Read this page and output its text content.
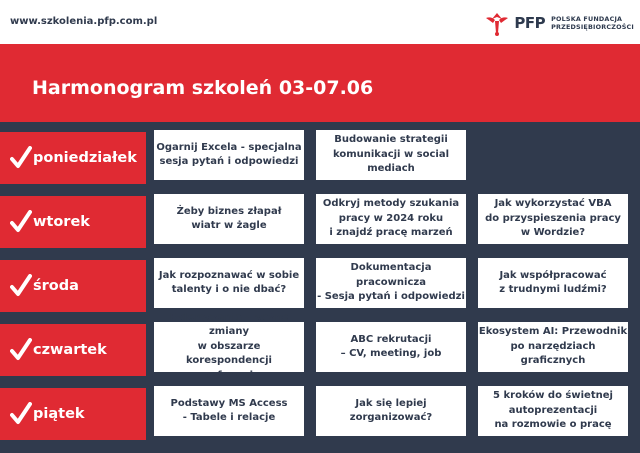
www.szkolenia.pfp.com.pl	PFP POLSKA FUNDACJA
PRZEDSIĘBIORCZOŚCI
Harmonogram szkoleń 03-07.06
poniedziałek
Ogarnij Excela - specjalna
sesja pytań i odpowiedzi
Budowanie strategii
komunikacji w social
mediach
wtorek
Żeby biznes złapał
wiatr w żagle
Odkryj metody szukania
pracy w 2024 roku
i znajdź pracę marzeń
Jak wykorzystać VBA
do przyspieszenia pracy
w Wordzie?
środa
Jak rozpoznawać w sobie
talenty i o nie dbać?
Dokumentacja pracownicza
- Sesja pytań i odpowiedzi
Jak współpracować
z trudnymi ludźmi?
czwartek
E-doręczenia - ważne zmiany
w obszarze korespondencji
cyfrowej
ABC rekrutacji
– CV, meeting, job
Ekosystem AI: Przewodnik
po narzędziach graficznych
piątek
Podstawy MS Access
- Tabele i relacje
Jak się lepiej
zorganizować?
5 kroków do świetnej
autoprezentacji
na rozmowie o pracę
